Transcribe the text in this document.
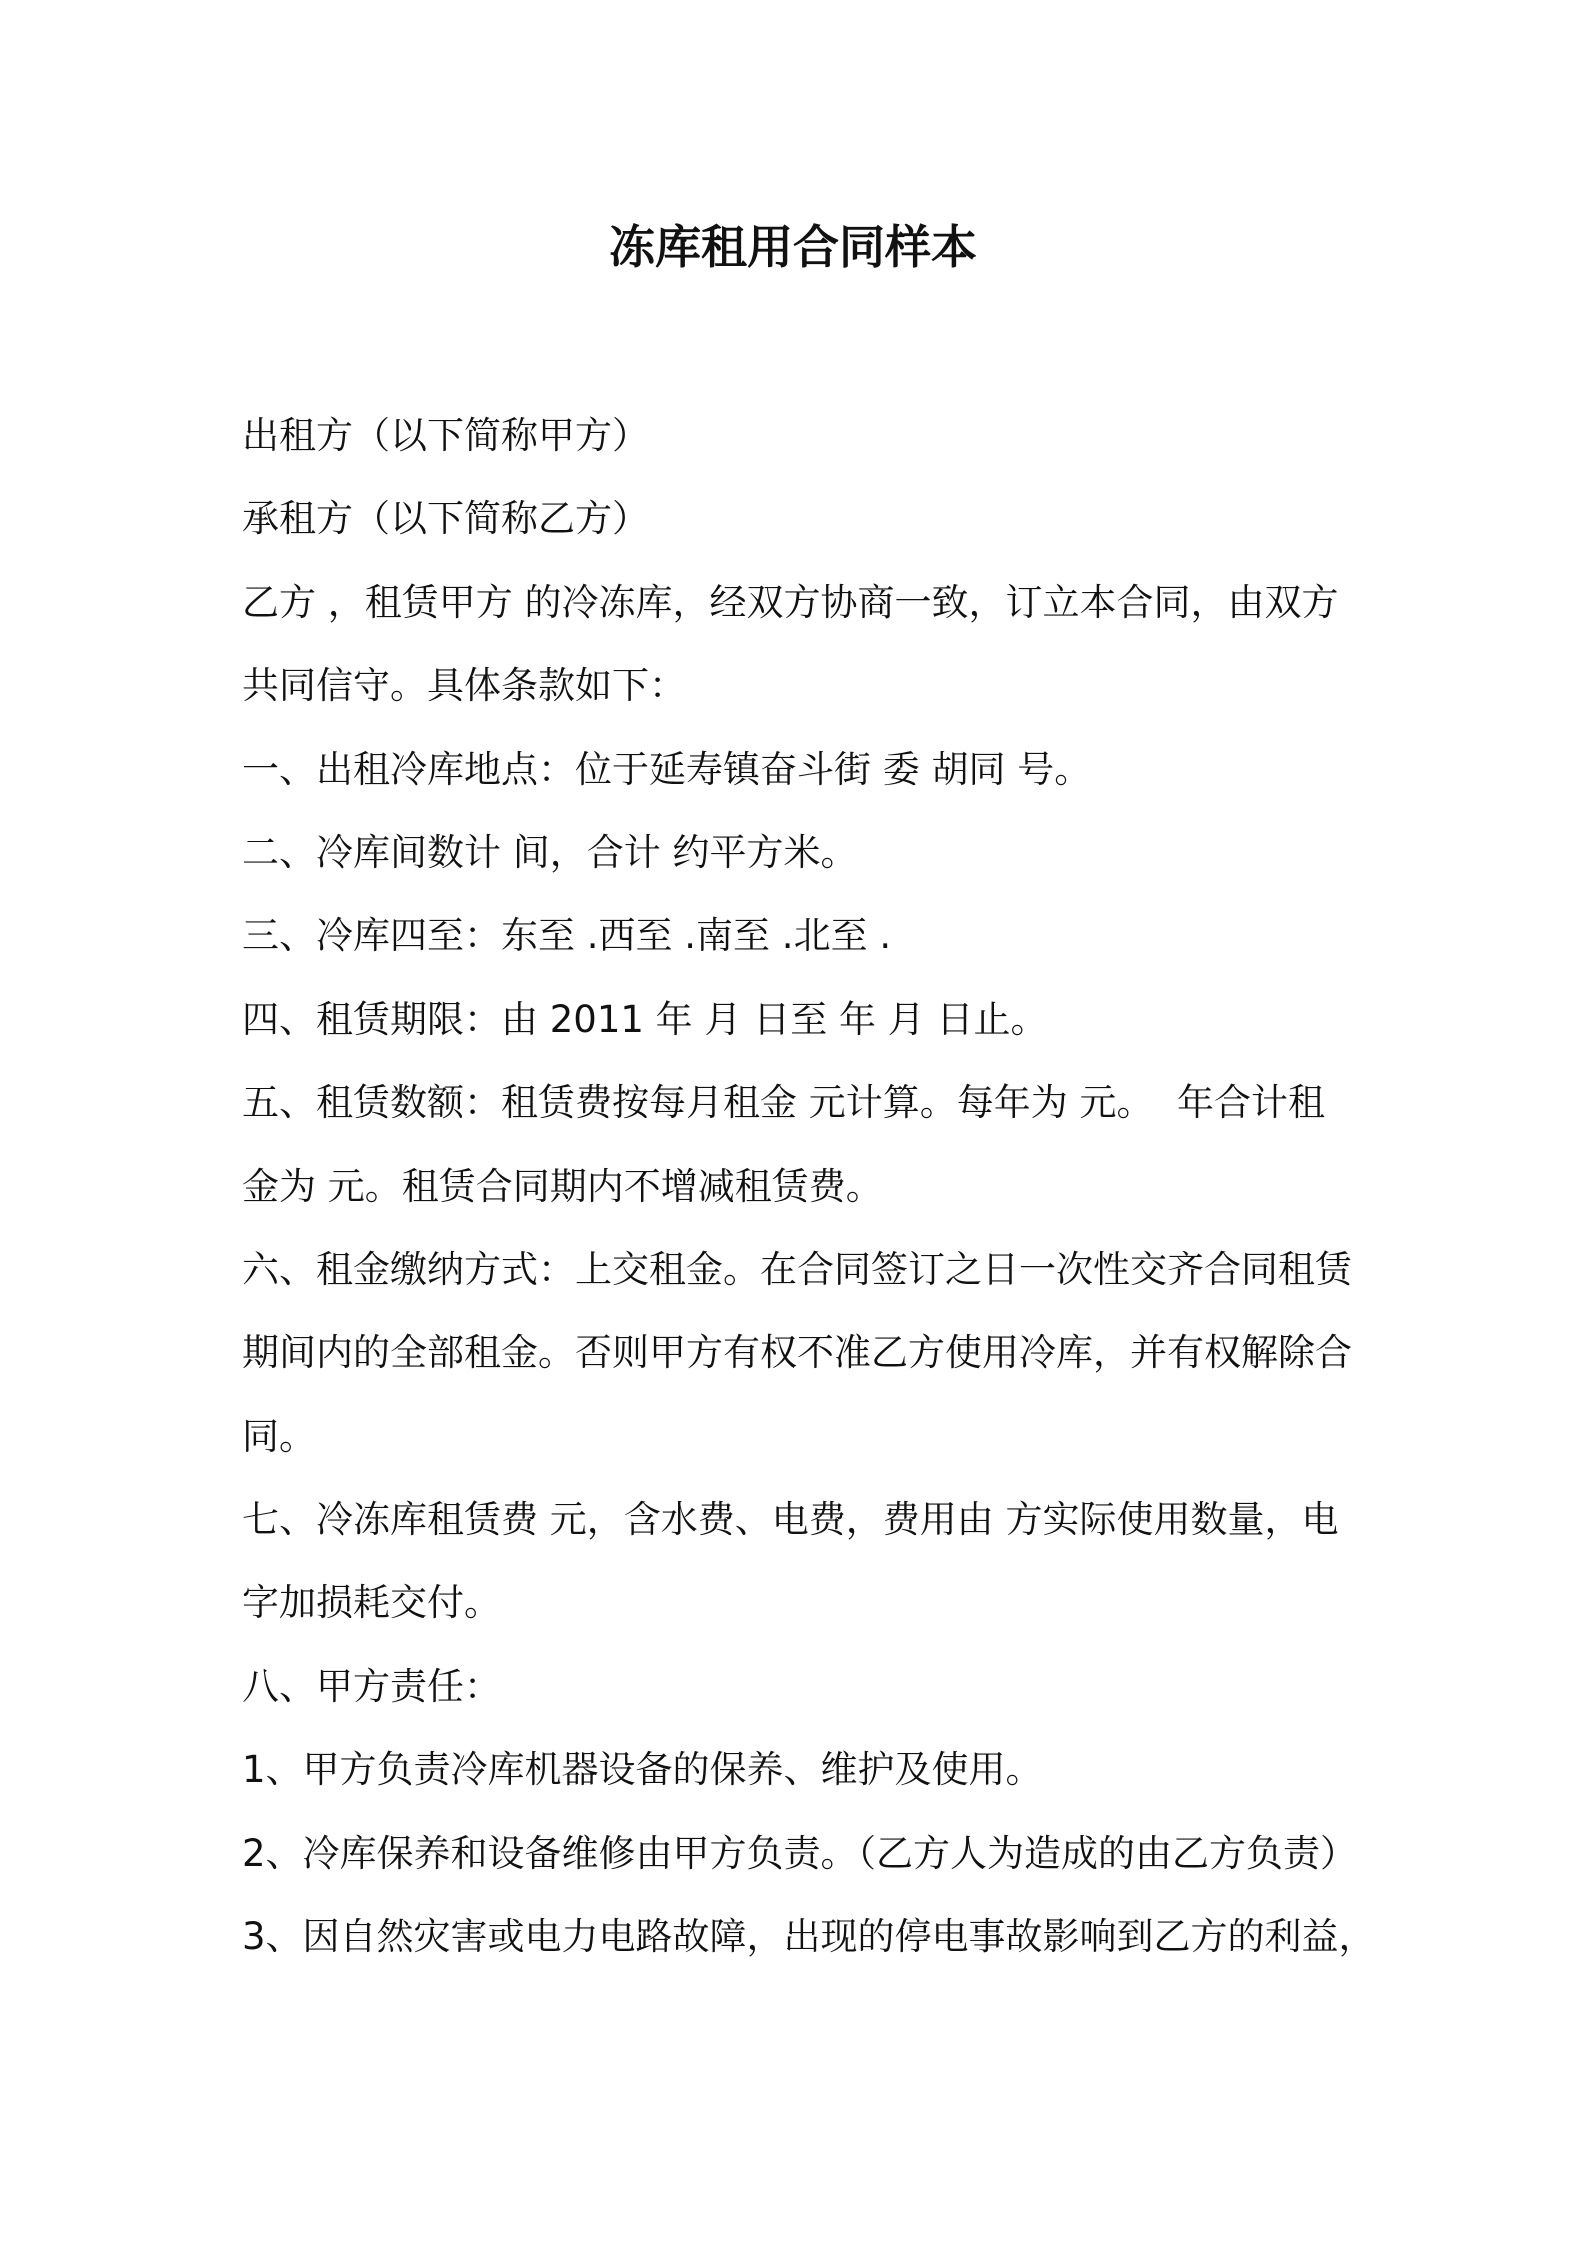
冻库租用合同样本
出租方（以下简称甲方）
承租方（以下简称乙方）
乙方 ，租赁甲方 的冷冻库，经双方协商一致，订立本合同，由双方
共同信守。具体条款如下：
一、出租冷库地点：位于延寿镇奋斗街 委 胡同 号。
二、冷库间数计 间，合计 约平方米。
三、冷库四至：东至 .西至 .南至 .北至 .
四、租赁期限：由 2011 年 月 日至 年 月 日止。
五、租赁数额：租赁费按每月租金 元计算。每年为 元。  年合计租
金为 元。租赁合同期内不增减租赁费。
六、租金缴纳方式：上交租金。在合同签订之日一次性交齐合同租赁
期间内的全部租金。否则甲方有权不准乙方使用冷库，并有权解除合
同。
七、冷冻库租赁费 元，含水费、电费，费用由 方实际使用数量，电
字加损耗交付。
八、甲方责任：
1、甲方负责冷库机器设备的保养、维护及使用。
2、冷库保养和设备维修由甲方负责。（乙方人为造成的由乙方负责）
3、因自然灾害或电力电路故障，出现的停电事故影响到乙方的利益，
